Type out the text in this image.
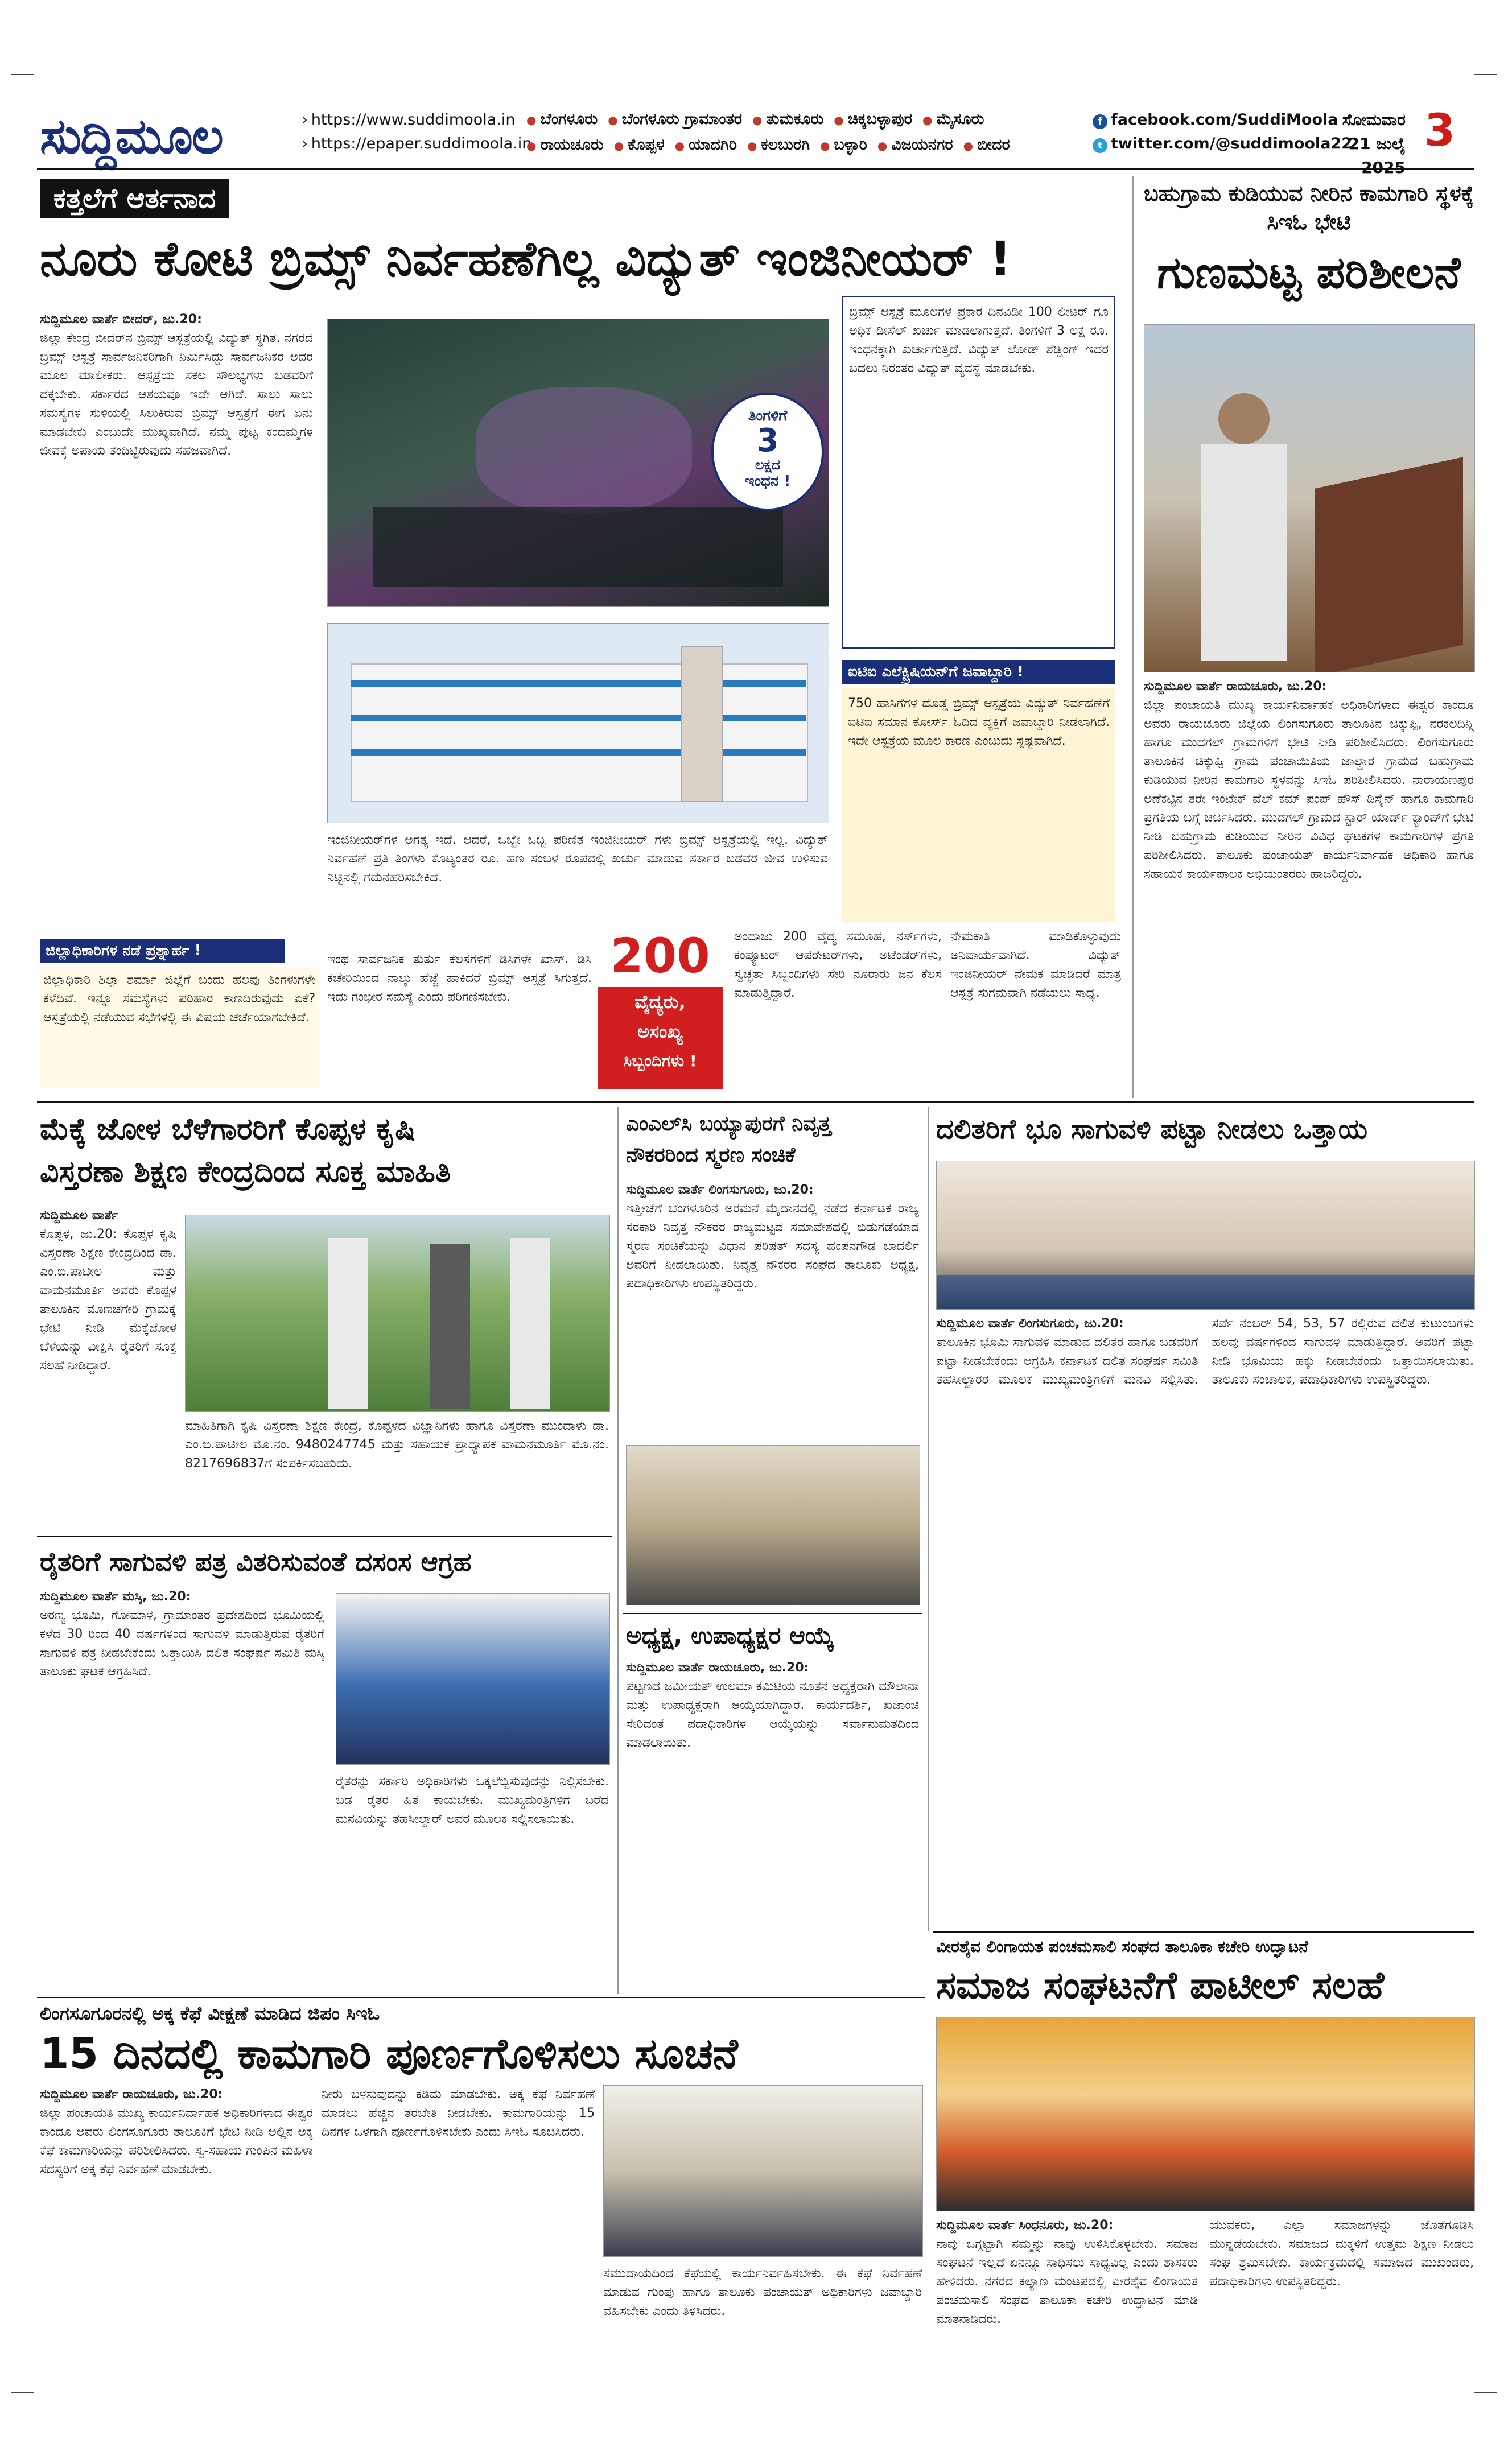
ಸುದ್ದಿಮೂಲ	› https://www.suddimoola.in
› https://epaper.suddimoola.in
● ಬೆಂಗಳೂರು ● ಬೆಂಗಳೂರು ಗ್ರಾಮಾಂತರ ● ತುಮಕೂರು ● ಚಿಕ್ಕಬಳ್ಳಾಪುರ ● ಮೈಸೂರು
● ರಾಯಚೂರು ● ಕೊಪ್ಪಳ ● ಯಾದಗಿರಿ ● ಕಲಬುರಗಿ ● ಬಳ್ಳಾರಿ ● ವಿಜಯನಗರ ● ಬೀದರ
f facebook.com/SuddiMoola
t twitter.com/@suddimoola22
ಸೋಮವಾರ
21 ಜುಲೈ 3
ಕತ್ತಲೆಗೆ ಆರ್ತನಾದ
ನೂರು ಕೋಟಿ ಬ್ರಿಮ್ಸ್ ನಿರ್ವಹಣೆಗಿಲ್ಲ ವಿದ್ಯುತ್ ಇಂಜಿನೀಯರ್ !
ಸುದ್ದಿಮೂಲ ವಾರ್ತೆ ಬೀದರ್, ಜು.20:
ಜಿಲ್ಲಾ ಕೇಂದ್ರ ಬೀದರ್‌ನ ಬ್ರಿಮ್ಸ್ ಆಸ್ಪತ್ರೆಯಲ್ಲಿ ವಿದ್ಯುತ್ ಸ್ಥಗಿತ. ನಗರದ ಬ್ರಿಮ್ಸ್ ಆಸ್ಪತ್ರೆ ಸಾರ್ವಜನಿಕರಿಗಾಗಿ ನಿರ್ಮಿಸಿದ್ದು ಸಾರ್ವಜನಿಕರ ಅದರ ಮೂಲ ಮಾಲೀಕರು. ಆಸ್ಪತ್ರೆಯ ಸಕಲ ಸೌಲಭ್ಯಗಳು ಬಡವರಿಗೆ ದಕ್ಕಬೇಕು. ಸರ್ಕಾರದ ಆಶಯವೂ ಇದೇ ಆಗಿದೆ. ಸಾಲು ಸಾಲು ಸಮಸ್ಯೆಗಳ ಸುಳಿಯಲ್ಲಿ ಸಿಲುಕಿರುವ ಬ್ರಿಮ್ಸ್ ಆಸ್ಪತ್ರೆಗೆ ಈಗ ಏನು ಮಾಡಬೇಕು ಎಂಬುದೇ ಮುಖ್ಯವಾಗಿದೆ. ನಮ್ಮ ಪುಟ್ಟ ಕಂದಮ್ಮಗಳ ಜೀವಕ್ಕೆ ಅಪಾಯ ತಂದಿಟ್ಟಿರುವುದು ಸಹಜವಾಗಿದೆ.
ಇಂಜಿನೀಯರ್‌ಗಳ ಅಗತ್ಯ ಇದೆ. ಆದರೆ, ಒಬ್ಬೇ ಒಬ್ಬ ಪರಿಣಿತ ಇಂಜಿನೀಯರ್ ಗಳು ಬ್ರಿಮ್ಸ್ ಆಸ್ಪತ್ರೆಯಲ್ಲಿ ಇಲ್ಲ. ವಿದ್ಯುತ್ ನಿರ್ವಹಣೆ ಪ್ರತಿ ತಿಂಗಳು ಕೊಟ್ಯಂತರ ರೂ. ಹಣ ಸಂಬಳ ರೂಪದಲ್ಲಿ ಖರ್ಚು ಮಾಡುವ ಸರ್ಕಾರ ಬಡವರ ಜೀವ ಉಳಿಸುವ ನಿಟ್ಟಿನಲ್ಲಿ ಗಮನಹರಿಸಬೇಕಿದೆ.
ತಿಂಗಳಿಗೆ
3
ಲಕ್ಷದ
ಇಂಧನ !
ಬ್ರಿಮ್ಸ್ ಆಸ್ಪತ್ರೆ ಮೂಲಗಳ ಪ್ರಕಾರ ದಿನವಿಡೀ 100 ಲೀಟರ್ ಗೂ ಅಧಿಕ ಡೀಸೆಲ್ ಖರ್ಚು ಮಾಡಲಾಗುತ್ತದೆ. ತಿಂಗಳಿಗೆ 3 ಲಕ್ಷ ರೂ. ಇಂಧನಕ್ಕಾಗಿ ಖರ್ಚಾಗುತ್ತಿದೆ. ವಿದ್ಯುತ್ ಲೋಡ್ ಶೆಡ್ಡಿಂಗ್ ಇದರ ಬದಲು ನಿರಂತರ ವಿದ್ಯುತ್ ವ್ಯವಸ್ಥೆ ಮಾಡಬೇಕು.
ಐಟಿಐ ಎಲೆಕ್ಟ್ರಿಷಿಯನ್‌ಗೆ ಜವಾಬ್ದಾರಿ !
750 ಹಾಸಿಗೆಗಳ ದೊಡ್ಡ ಬ್ರಿಮ್ಸ್ ಆಸ್ಪತ್ರೆಯ ವಿದ್ಯುತ್ ನಿರ್ವಹಣೆಗೆ ಐಟಿಐ ಸಮಾನ ಕೋರ್ಸ್ ಓದಿದ ವ್ಯಕ್ತಿಗೆ ಜವಾಬ್ದಾರಿ ನೀಡಲಾಗಿದೆ. ಇದೇ ಆಸ್ಪತ್ರೆಯ ಮೂಲ ಕಾರಣ ಎಂಬುದು ಸ್ಪಷ್ಟವಾಗಿದೆ.
ಜಿಲ್ಲಾಧಿಕಾರಿಗಳ ನಡೆ ಪ್ರಶ್ನಾರ್ಹ !
ಜಿಲ್ಲಾಧಿಕಾರಿ ಶಿಲ್ಪಾ ಶರ್ಮಾ ಜಿಲ್ಲೆಗೆ ಬಂದು ಹಲವು ತಿಂಗಳುಗಳೇ ಕಳೆದಿವೆ. ಇನ್ನೂ ಸಮಸ್ಯೆಗಳು ಪರಿಹಾರ ಕಾಣದಿರುವುದು ಏಕೆ? ಆಸ್ಪತ್ರೆಯಲ್ಲಿ ನಡೆಯುವ ಸಭೆಗಳಲ್ಲಿ ಈ ವಿಷಯ ಚರ್ಚೆಯಾಗಬೇಕಿದೆ.
ಇಂಥ ಸಾರ್ವಜನಿಕ ತುರ್ತು ಕೆಲಸಗಳಿಗೆ ಡಿಸಿಗಳೇ ಖಾಸ್. ಡಿಸಿ ಕಚೇರಿಯಿಂದ ನಾಲ್ಕು ಹೆಜ್ಜೆ ಹಾಕಿದರೆ ಬ್ರಿಮ್ಸ್ ಆಸ್ಪತ್ರೆ ಸಿಗುತ್ತದೆ. ಇದು ಗಂಭೀರ ಸಮಸ್ಯೆ ಎಂದು ಪರಿಗಣಿಸಬೇಕು.
200
ವೈದ್ಯರು,
ಅಸಂಖ್ಯ
ಸಿಬ್ಬಂದಿಗಳು !
ಅಂದಾಜು 200 ವೈದ್ಯ ಸಮೂಹ, ನರ್ಸ್‌ಗಳು, ಕಂಪ್ಯೂಟರ್ ಆಪರೇಟರ್‌ಗಳು, ಅಟೆಂಡರ್‌ಗಳು, ಸ್ವಚ್ಛತಾ ಸಿಬ್ಬಂದಿಗಳು ಸೇರಿ ನೂರಾರು ಜನ ಕೆಲಸ ಮಾಡುತ್ತಿದ್ದಾರೆ.
ನೇಮಕಾತಿ ಮಾಡಿಕೊಳ್ಳುವುದು ಅನಿವಾರ್ಯವಾಗಿದೆ. ವಿದ್ಯುತ್ ಇಂಜಿನೀಯರ್ ನೇಮಕ ಮಾಡಿದರೆ ಮಾತ್ರ ಆಸ್ಪತ್ರೆ ಸುಗಮವಾಗಿ ನಡೆಯಲು ಸಾಧ್ಯ.
ಬಹುಗ್ರಾಮ ಕುಡಿಯುವ ನೀರಿನ ಕಾಮಗಾರಿ ಸ್ಥಳಕ್ಕೆ ಸಿಇಓ ಭೇಟಿ
ಗುಣಮಟ್ಟ ಪರಿಶೀಲನೆ
ಸುದ್ದಿಮೂಲ ವಾರ್ತೆ ರಾಯಚೂರು, ಜು.20:
ಜಿಲ್ಲಾ ಪಂಚಾಯತಿ ಮುಖ್ಯ ಕಾರ್ಯನಿರ್ವಾಹಕ ಅಧಿಕಾರಿಗಳಾದ ಈಶ್ವರ ಕಾಂದೂ ಅವರು ರಾಯಚೂರು ಜಿಲ್ಲೆಯ ಲಿಂಗಸುಗೂರು ತಾಲೂಕಿನ ಚಿಕ್ಕುಪ್ಪಿ, ನರಕಲದಿನ್ನಿ ಹಾಗೂ ಮುದಗಲ್ ಗ್ರಾಮಗಳಿಗೆ ಭೇಟಿ ನೀಡಿ ಪರಿಶೀಲಿಸಿದರು. ಲಿಂಗಸುಗೂರು ತಾಲೂಕಿನ ಚಿಕ್ಕುಪ್ಪಿ ಗ್ರಾಮ ಪಂಚಾಯಿತಿಯ ಜಾಲ್ದಾರ ಗ್ರಾಮದ ಬಹುಗ್ರಾಮ ಕುಡಿಯುವ ನೀರಿನ ಕಾಮಗಾರಿ ಸ್ಥಳವನ್ನು ಸಿಇಓ ಪರಿಶೀಲಿಸಿದರು. ನಾರಾಯಣಪುರ ಅಣೆಕಟ್ಟಿನ ತರೇ ಇಂಟೇಕ್ ವೆಲ್ ಕಮ್ ಪಂಪ್ ಹೌಸ್ ಡಿಸೈನ್ ಹಾಗೂ ಕಾಮಗಾರಿ ಪ್ರಗತಿಯ ಬಗ್ಗೆ ಚರ್ಚಿಸಿದರು. ಮುದಗಲ್ ಗ್ರಾಮದ ಸ್ಟಾರ್ ಯಾರ್ಡ್ ಕ್ಯಾಂಪ್‌ಗೆ ಭೇಟಿ ನೀಡಿ ಬಹುಗ್ರಾಮ ಕುಡಿಯುವ ನೀರಿನ ವಿವಿಧ ಘಟಕಗಳ ಕಾಮಗಾರಿಗಳ ಪ್ರಗತಿ ಪರಿಶೀಲಿಸಿದರು. ತಾಲೂಕು ಪಂಚಾಯತ್ ಕಾರ್ಯನಿರ್ವಾಹಕ ಅಧಿಕಾರಿ ಹಾಗೂ ಸಹಾಯಕ ಕಾರ್ಯಪಾಲಕ ಅಭಿಯಂತರರು ಹಾಜರಿದ್ದರು.
ಮೆಕ್ಕೆ ಜೋಳ ಬೆಳೆಗಾರರಿಗೆ ಕೊಪ್ಪಳ ಕೃಷಿ
ವಿಸ್ತರಣಾ ಶಿಕ್ಷಣ ಕೇಂದ್ರದಿಂದ ಸೂಕ್ತ ಮಾಹಿತಿ
ಸುದ್ದಿಮೂಲ ವಾರ್ತೆ
ಕೊಪ್ಪಳ, ಜು.20: ಕೊಪ್ಪಳ ಕೃಷಿ ವಿಸ್ತರಣಾ ಶಿಕ್ಷಣ ಕೇಂದ್ರದಿಂದ ಡಾ. ಎಂ.ಬಿ.ಪಾಟೀಲ ಮತ್ತು ವಾಮನಮೂರ್ತಿ ಅವರು ಕೊಪ್ಪಳ ತಾಲೂಕಿನ ಮೊಣಚಗೇರಿ ಗ್ರಾಮಕ್ಕೆ ಭೇಟಿ ನೀಡಿ ಮೆಕ್ಕೆಜೋಳ ಬೆಳೆಯನ್ನು ವೀಕ್ಷಿಸಿ ರೈತರಿಗೆ ಸೂಕ್ತ ಸಲಹೆ ನೀಡಿದ್ದಾರೆ.
ಮಾಹಿತಿಗಾಗಿ ಕೃಷಿ ವಿಸ್ತರಣಾ ಶಿಕ್ಷಣ ಕೇಂದ್ರ, ಕೊಪ್ಪಳದ ವಿಜ್ಞಾನಿಗಳು ಹಾಗೂ ವಿಸ್ತರಣಾ ಮುಂದಾಳು ಡಾ. ಎಂ.ಬಿ.ಪಾಟೀಲ ಮೊ.ನಂ. 9480247745 ಮತ್ತು ಸಹಾಯಕ ಪ್ರಾಧ್ಯಾಪಕ ವಾಮನಮೂರ್ತಿ ಮೊ.ನಂ. 8217696837ಗೆ ಸಂಪರ್ಕಿಸಬಹುದು.
ರೈತರಿಗೆ ಸಾಗುವಳಿ ಪತ್ರ ವಿತರಿಸುವಂತೆ ದಸಂಸ ಆಗ್ರಹ
ಸುದ್ದಿಮೂಲ ವಾರ್ತೆ ಮಸ್ಕಿ, ಜು.20:
ಅರಣ್ಯ ಭೂಮಿ, ಗೋಮಾಳ, ಗ್ರಾಮಾಂತರ ಪ್ರದೇಶದಿಂದ ಭೂಮಿಯಲ್ಲಿ ಕಳೆದ 30 ರಿಂದ 40 ವರ್ಷಗಳಿಂದ ಸಾಗುವಳಿ ಮಾಡುತ್ತಿರುವ ರೈತರಿಗೆ ಸಾಗುವಳಿ ಪತ್ರ ನೀಡಬೇಕೆಂದು ಒತ್ತಾಯಿಸಿ ದಲಿತ ಸಂಘರ್ಷ ಸಮಿತಿ ಮಸ್ಕಿ ತಾಲೂಕು ಘಟಕ ಆಗ್ರಹಿಸಿದೆ.
ರೈತರನ್ನು ಸರ್ಕಾರಿ ಅಧಿಕಾರಿಗಳು ಒಕ್ಕಲೆಬ್ಬಿಸುವುದನ್ನು ನಿಲ್ಲಿಸಬೇಕು. ಬಡ ರೈತರ ಹಿತ ಕಾಯಬೇಕು. ಮುಖ್ಯಮಂತ್ರಿಗಳಿಗೆ ಬರೆದ ಮನವಿಯನ್ನು ತಹಸೀಲ್ದಾರ್ ಅವರ ಮೂಲಕ ಸಲ್ಲಿಸಲಾಯಿತು.
ಎಂಎಲ್‌ಸಿ ಬಯ್ಯಾಪುರಗೆ ನಿವೃತ್ತ
ನೌಕರರಿಂದ ಸ್ಮರಣ ಸಂಚಿಕೆ
ಸುದ್ದಿಮೂಲ ವಾರ್ತೆ ಲಿಂಗಸುಗೂರು, ಜು.20:
ಇತ್ತೀಚೆಗೆ ಬೆಂಗಳೂರಿನ ಅರಮನೆ ಮೈದಾನದಲ್ಲಿ ನಡೆದ ಕರ್ನಾಟಕ ರಾಜ್ಯ ಸರಕಾರಿ ನಿವೃತ್ತ ನೌಕರರ ರಾಜ್ಯಮಟ್ಟದ ಸಮಾವೇಶದಲ್ಲಿ ಬಿಡುಗಡೆಯಾದ ಸ್ಮರಣ ಸಂಚಿಕೆಯನ್ನು ವಿಧಾನ ಪರಿಷತ್ ಸದಸ್ಯ ಹಂಪನಗೌಡ ಬಾದರ್ಲಿ ಅವರಿಗೆ ನೀಡಲಾಯಿತು. ನಿವೃತ್ತ ನೌಕರರ ಸಂಘದ ತಾಲೂಕು ಅಧ್ಯಕ್ಷ, ಪದಾಧಿಕಾರಿಗಳು ಉಪಸ್ಥಿತರಿದ್ದರು.
ಅಧ್ಯಕ್ಷ, ಉಪಾಧ್ಯಕ್ಷರ ಆಯ್ಕೆ
ಸುದ್ದಿಮೂಲ ವಾರ್ತೆ ರಾಯಚೂರು, ಜು.20:
ಪಟ್ಟಣದ ಜಮೀಯತ್ ಉಲಮಾ ಕಮಿಟಿಯ ನೂತನ ಅಧ್ಯಕ್ಷರಾಗಿ ಮೌಲಾನಾ ಮತ್ತು ಉಪಾಧ್ಯಕ್ಷರಾಗಿ ಆಯ್ಕೆಯಾಗಿದ್ದಾರೆ. ಕಾರ್ಯದರ್ಶಿ, ಖಜಾಂಚಿ ಸೇರಿದಂತೆ ಪದಾಧಿಕಾರಿಗಳ ಆಯ್ಕೆಯನ್ನು ಸರ್ವಾನುಮತದಿಂದ ಮಾಡಲಾಯಿತು.
ದಲಿತರಿಗೆ ಭೂ ಸಾಗುವಳಿ ಪಟ್ಟಾ ನೀಡಲು ಒತ್ತಾಯ
ಸುದ್ದಿಮೂಲ ವಾರ್ತೆ ಲಿಂಗಸುಗೂರು, ಜು.20:
ತಾಲೂಕಿನ ಭೂಮಿ ಸಾಗುವಳಿ ಮಾಡುವ ದಲಿತರ ಹಾಗೂ ಬಡವರಿಗೆ ಪಟ್ಟಾ ನೀಡಬೇಕೆಂದು ಆಗ್ರಹಿಸಿ ಕರ್ನಾಟಕ ದಲಿತ ಸಂಘರ್ಷ ಸಮಿತಿ ತಹಸೀಲ್ದಾರರ ಮೂಲಕ ಮುಖ್ಯಮಂತ್ರಿಗಳಿಗೆ ಮನವಿ ಸಲ್ಲಿಸಿತು. ಸರ್ವೆ ನಂಬರ್ 54, 53, 57 ರಲ್ಲಿರುವ ದಲಿತ ಕುಟುಂಬಗಳು ಹಲವು ವರ್ಷಗಳಿಂದ ಸಾಗುವಳಿ ಮಾಡುತ್ತಿದ್ದಾರೆ. ಅವರಿಗೆ ಪಟ್ಟಾ ನೀಡಿ ಭೂಮಿಯ ಹಕ್ಕು ನೀಡಬೇಕೆಂದು ಒತ್ತಾಯಿಸಲಾಯಿತು. ತಾಲೂಕು ಸಂಚಾಲಕ, ಪದಾಧಿಕಾರಿಗಳು ಉಪಸ್ಥಿತರಿದ್ದರು.
ವೀರಶೈವ ಲಿಂಗಾಯತ ಪಂಚಮಸಾಲಿ ಸಂಘದ ತಾಲೂಕಾ ಕಚೇರಿ ಉದ್ಘಾಟನೆ
ಸಮಾಜ ಸಂಘಟನೆಗೆ ಪಾಟೀಲ್ ಸಲಹೆ
ಸುದ್ದಿಮೂಲ ವಾರ್ತೆ ಸಿಂಧನೂರು, ಜು.20:
ನಾವು ಒಗ್ಗಟ್ಟಾಗಿ ನಮ್ಮನ್ನು ನಾವು ಉಳಿಸಿಕೊಳ್ಳಬೇಕು. ಸಮಾಜ ಸಂಘಟನೆ ಇಲ್ಲದೆ ಏನನ್ನೂ ಸಾಧಿಸಲು ಸಾಧ್ಯವಿಲ್ಲ ಎಂದು ಶಾಸಕರು ಹೇಳಿದರು. ನಗರದ ಕಲ್ಯಾಣ ಮಂಟಪದಲ್ಲಿ ವೀರಶೈವ ಲಿಂಗಾಯತ ಪಂಚಮಸಾಲಿ ಸಂಘದ ತಾಲೂಕಾ ಕಚೇರಿ ಉದ್ಘಾಟನೆ ಮಾಡಿ ಮಾತನಾಡಿದರು.
ಯುವಕರು, ಎಲ್ಲಾ ಸಮಾಜಗಳನ್ನು ಜೊತೆಗೂಡಿಸಿ ಮುನ್ನಡೆಯಬೇಕು. ಸಮಾಜದ ಮಕ್ಕಳಿಗೆ ಉತ್ತಮ ಶಿಕ್ಷಣ ನೀಡಲು ಸಂಘ ಶ್ರಮಿಸಬೇಕು. ಕಾರ್ಯಕ್ರಮದಲ್ಲಿ ಸಮಾಜದ ಮುಖಂಡರು, ಪದಾಧಿಕಾರಿಗಳು ಉಪಸ್ಥಿತರಿದ್ದರು.
ಲಿಂಗಸೂಗೂರನಲ್ಲಿ ಅಕ್ಕ ಕೆಫೆ ವೀಕ್ಷಣೆ ಮಾಡಿದ ಜಿಪಂ ಸಿಇಓ
15 ದಿನದಲ್ಲಿ ಕಾಮಗಾರಿ ಪೂರ್ಣಗೊಳಿಸಲು ಸೂಚನೆ
ಸುದ್ದಿಮೂಲ ವಾರ್ತೆ ರಾಯಚೂರು, ಜು.20:
ಜಿಲ್ಲಾ ಪಂಚಾಯತಿ ಮುಖ್ಯ ಕಾರ್ಯನಿರ್ವಾಹಕ ಅಧಿಕಾರಿಗಳಾದ ಈಶ್ವರ ಕಾಂದೂ ಅವರು ಲಿಂಗಸೂಗೂರು ತಾಲೂಕಿಗೆ ಭೇಟಿ ನೀಡಿ ಅಲ್ಲಿನ ಅಕ್ಕ ಕೆಫೆ ಕಾಮಗಾರಿಯನ್ನು ಪರಿಶೀಲಿಸಿದರು. ಸ್ವ-ಸಹಾಯ ಗುಂಪಿನ ಮಹಿಳಾ ಸದಸ್ಯರಿಗೆ ಅಕ್ಕ ಕೆಫೆ ನಿರ್ವಹಣೆ ಮಾಡಬೇಕು.
ನೀರು ಬಳಸುವುದನ್ನು ಕಡಿಮೆ ಮಾಡಬೇಕು. ಅಕ್ಕ ಕೆಫೆ ನಿರ್ವಹಣೆ ಮಾಡಲು ಹೆಚ್ಚಿನ ತರಬೇತಿ ನೀಡಬೇಕು. ಕಾಮಗಾರಿಯನ್ನು 15 ದಿನಗಳ ಒಳಗಾಗಿ ಪೂರ್ಣಗೊಳಿಸಬೇಕು ಎಂದು ಸಿಇಓ ಸೂಚಿಸಿದರು.
ಸಮುದಾಯದಿಂದ ಕೆಫೆಯಲ್ಲಿ ಕಾರ್ಯನಿರ್ವಹಿಸಬೇಕು. ಈ ಕೆಫೆ ನಿರ್ವಹಣೆ ಮಾಡುವ ಗುಂಪು ಹಾಗೂ ತಾಲೂಕು ಪಂಚಾಯತ್ ಅಧಿಕಾರಿಗಳು ಜವಾಬ್ದಾರಿ ವಹಿಸಬೇಕು ಎಂದು ತಿಳಿಸಿದರು.
